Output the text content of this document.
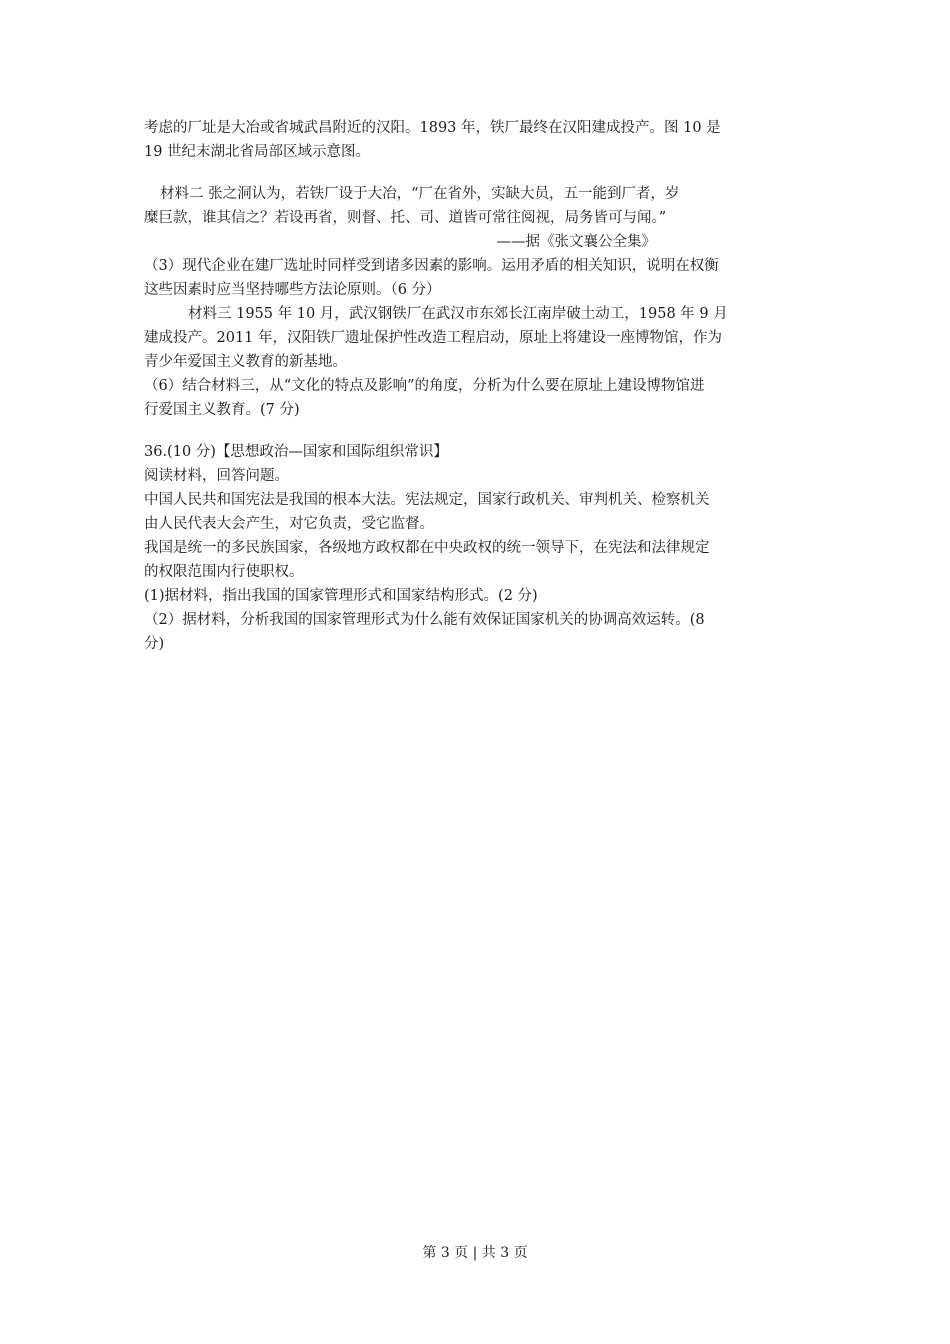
考虑的厂址是大冶或省城武昌附近的汉阳。1893 年，铁厂最终在汉阳建成投产。图 10 是
19 世纪末湖北省局部区域示意图。
材料二 张之洞认为，若铁厂设于大冶，“厂在省外，实缺大员，五一能到厂者，岁
糜巨款，谁其信之？若设再省，则督、托、司、道皆可常往阅视，局务皆可与闻。”
——据《张文襄公全集》
（3）现代企业在建厂选址时同样受到诸多因素的影响。运用矛盾的相关知识，说明在权衡
这些因素时应当坚持哪些方法论原则。（6 分）
材料三 1955 年 10 月，武汉钢铁厂在武汉市东郊长江南岸破土动工，1958 年 9 月
建成投产。2011 年，汉阳铁厂遗址保护性改造工程启动，原址上将建设一座博物馆，作为
青少年爱国主义教育的新基地。
（6）结合材料三，从“文化的特点及影响”的角度，分析为什么要在原址上建设博物馆进
行爱国主义教育。(7 分)
36.(10 分)【思想政治—国家和国际组织常识】
阅读材料，回答问题。
中国人民共和国宪法是我国的根本大法。宪法规定，国家行政机关、审判机关、检察机关
由人民代表大会产生，对它负责，受它监督。
我国是统一的多民族国家，各级地方政权都在中央政权的统一领导下，在宪法和法律规定
的权限范围内行使职权。
(1)据材料，指出我国的国家管理形式和国家结构形式。(2 分)
（2）据材料，分析我国的国家管理形式为什么能有效保证国家机关的协调高效运转。(8
分)
第 3 页 | 共 3 页
